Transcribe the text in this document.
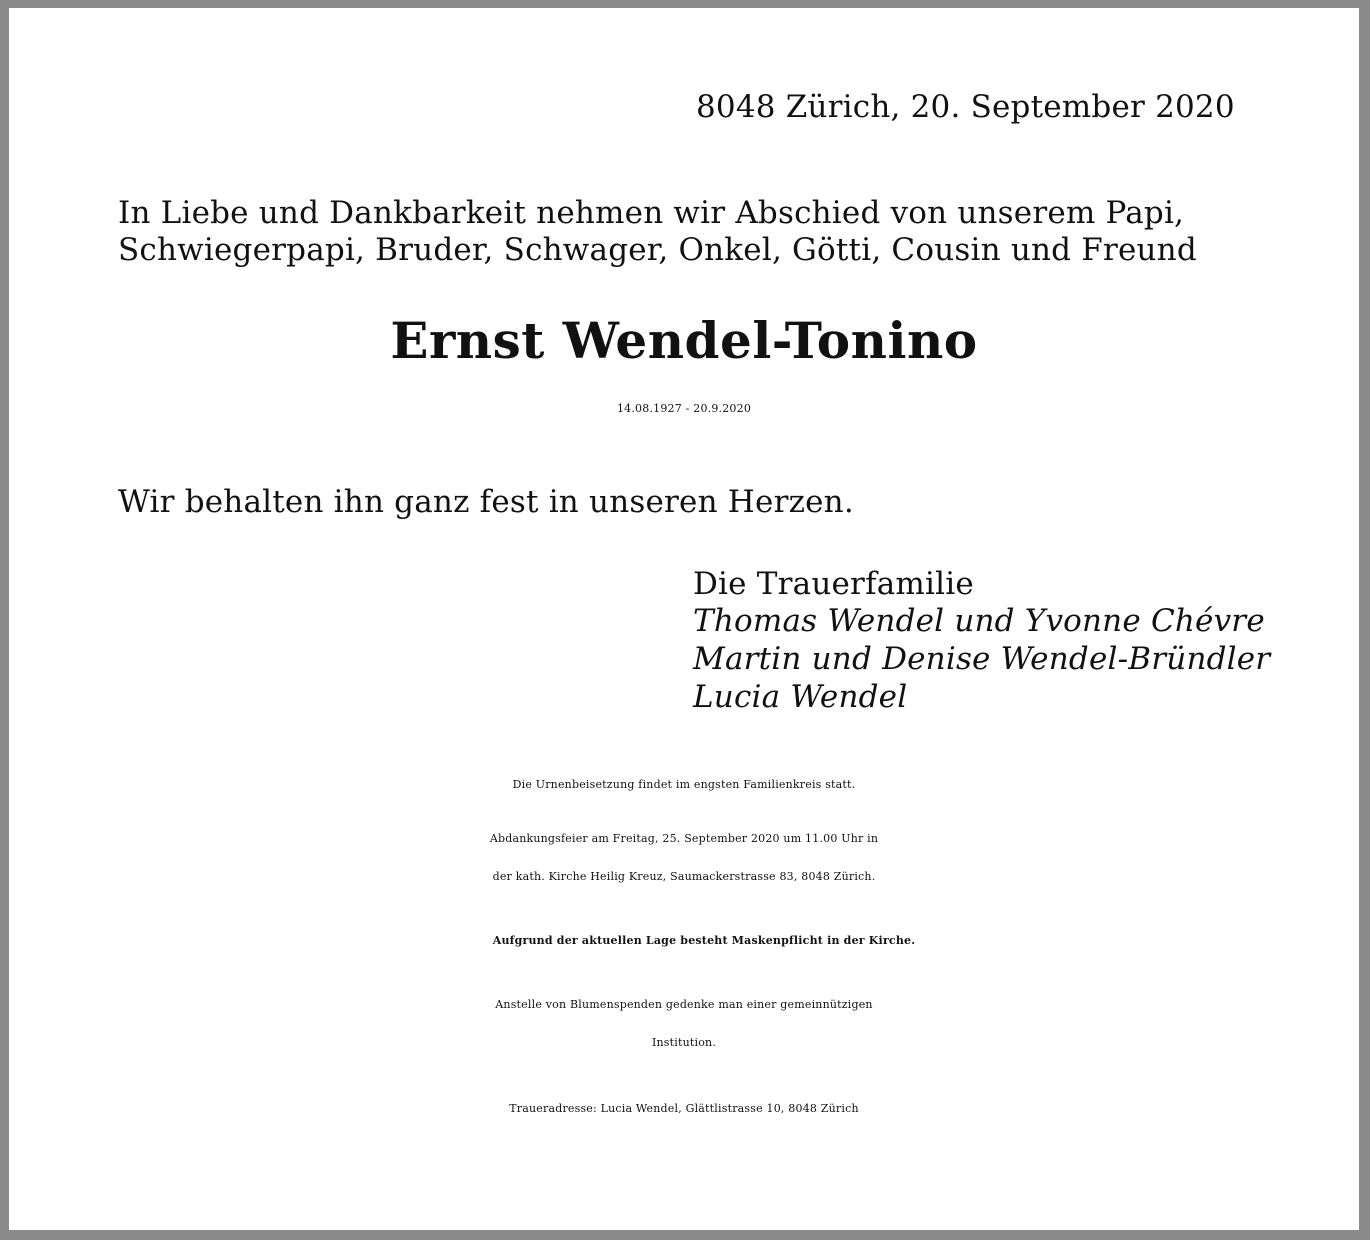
8048 Zürich, 20. September 2020
In Liebe und Dankbarkeit nehmen wir Abschied von unserem Papi,
Schwiegerpapi, Bruder, Schwager, Onkel, Götti, Cousin und Freund
Ernst Wendel-Tonino
14.08.1927 - 20.9.2020
Wir behalten ihn ganz fest in unseren Herzen.
Die Trauerfamilie
Thomas Wendel und Yvonne Chévre
Martin und Denise Wendel-Bründler
Lucia Wendel
Die Urnenbeisetzung findet im engsten Familienkreis statt.
Abdankungsfeier am Freitag, 25. September 2020 um 11.00 Uhr in
der kath. Kirche Heilig Kreuz, Saumackerstrasse 83, 8048 Zürich.
Aufgrund der aktuellen Lage besteht Maskenpflicht in der Kirche.
Anstelle von Blumenspenden gedenke man einer gemeinnützigen
Institution.
Traueradresse: Lucia Wendel, Glättlistrasse 10, 8048 Zürich
